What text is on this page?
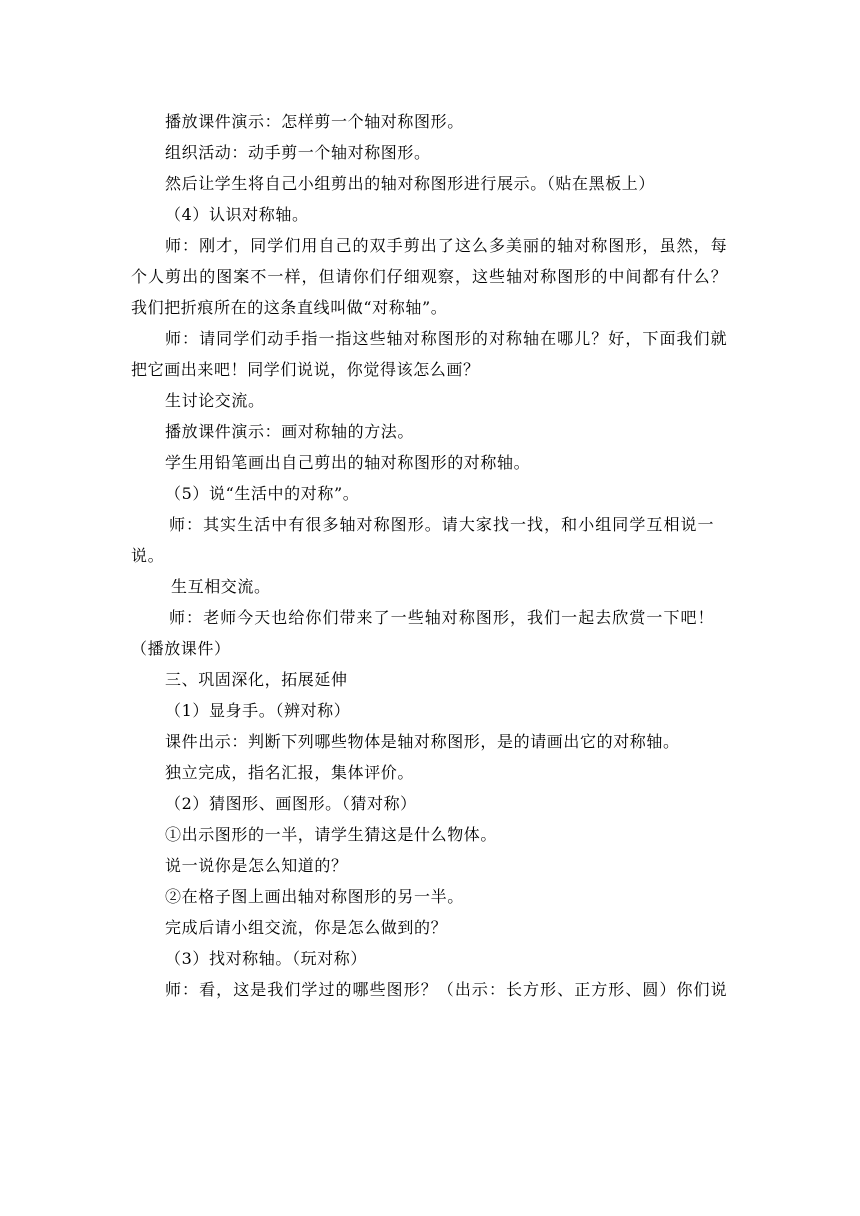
播放课件演示：怎样剪一个轴对称图形。
组织活动：动手剪一个轴对称图形。
然后让学生将自己小组剪出的轴对称图形进行展示。（贴在黑板上）
（4）认识对称轴。
师：刚才，同学们用自己的双手剪出了这么多美丽的轴对称图形，虽然，每
个人剪出的图案不一样，但请你们仔细观察，这些轴对称图形的中间都有什么？
我们把折痕所在的这条直线叫做“对称轴”。
师：请同学们动手指一指这些轴对称图形的对称轴在哪儿？好，下面我们就
把它画出来吧！同学们说说，你觉得该怎么画？
生讨论交流。
播放课件演示：画对称轴的方法。
学生用铅笔画出自己剪出的轴对称图形的对称轴。
（5）说“生活中的对称”。
师：其实生活中有很多轴对称图形。请大家找一找，和小组同学互相说一
说。
生互相交流。
师：老师今天也给你们带来了一些轴对称图形，我们一起去欣赏一下吧！
（播放课件）
三、巩固深化，拓展延伸
（1）显身手。（辨对称）
课件出示：判断下列哪些物体是轴对称图形，是的请画出它的对称轴。
独立完成，指名汇报，集体评价。
（2）猜图形、画图形。（猜对称）
①出示图形的一半，请学生猜这是什么物体。
说一说你是怎么知道的？
②在格子图上画出轴对称图形的另一半。
完成后请小组交流，你是怎么做到的？
（3）找对称轴。（玩对称）
师：看，这是我们学过的哪些图形？（出示：长方形、正方形、圆）你们说
